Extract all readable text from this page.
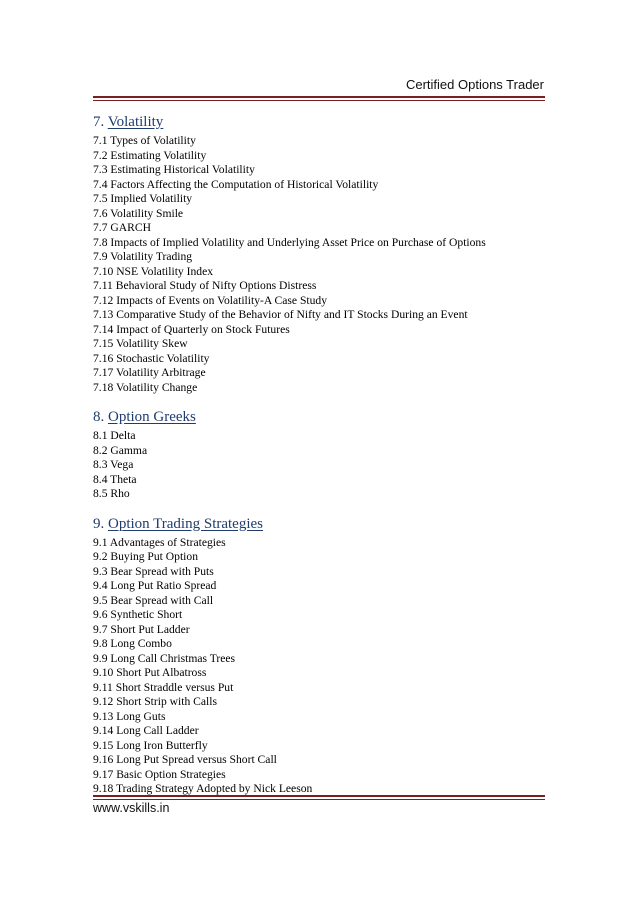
Certified Options Trader
7. Volatility
7.1 Types of Volatility
7.2 Estimating Volatility
7.3 Estimating Historical Volatility
7.4 Factors Affecting the Computation of Historical Volatility
7.5 Implied Volatility
7.6 Volatility Smile
7.7 GARCH
7.8 Impacts of Implied Volatility and Underlying Asset Price on Purchase of Options
7.9 Volatility Trading
7.10 NSE Volatility Index
7.11 Behavioral Study of Nifty Options Distress
7.12 Impacts of Events on Volatility-A Case Study
7.13 Comparative Study of the Behavior of Nifty and IT Stocks During an Event
7.14 Impact of Quarterly on Stock Futures
7.15 Volatility Skew
7.16 Stochastic Volatility
7.17 Volatility Arbitrage
7.18 Volatility Change
8. Option Greeks
8.1 Delta
8.2 Gamma
8.3 Vega
8.4 Theta
8.5 Rho
9. Option Trading Strategies
9.1 Advantages of Strategies
9.2 Buying Put Option
9.3 Bear Spread with Puts
9.4 Long Put Ratio Spread
9.5 Bear Spread with Call
9.6 Synthetic Short
9.7 Short Put Ladder
9.8 Long Combo
9.9 Long Call Christmas Trees
9.10 Short Put Albatross
9.11 Short Straddle versus Put
9.12 Short Strip with Calls
9.13 Long Guts
9.14 Long Call Ladder
9.15 Long Iron Butterfly
9.16 Long Put Spread versus Short Call
9.17 Basic Option Strategies
9.18 Trading Strategy Adopted by Nick Leeson
www.vskills.in
